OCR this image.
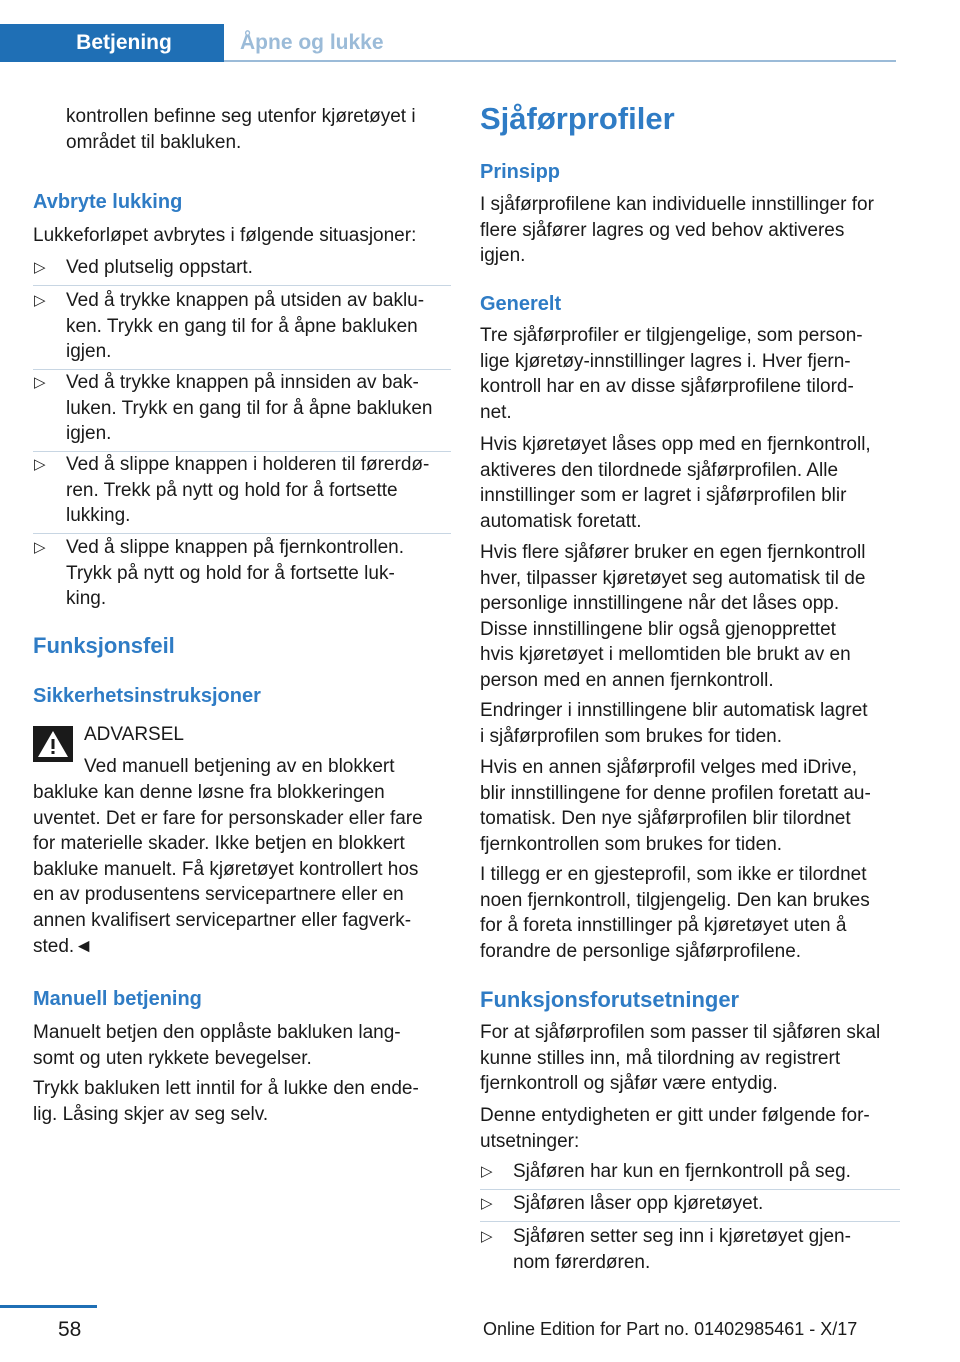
Betjening	Åpne og lukke

kontrollen befinne seg utenfor kjøretøyet i

området til bakluken.

Avbryte lukking

Lukkeforløpet avbrytes i følgende situasjoner:

▷ Ved plutselig oppstart.
▷ Ved å trykke knappen på utsiden av baklu-
ken. Trykk en gang til for å åpne bakluken
igjen.
▷ Ved å trykke knappen på innsiden av bak-
luken. Trykk en gang til for å åpne bakluken
igjen.
▷ Ved å slippe knappen i holderen til førerdø-
ren. Trekk på nytt og hold for å fortsette
lukking.
▷ Ved å slippe knappen på fjernkontrollen.
Trykk på nytt og hold for å fortsette luk-
king.
Funksjonsfeil
Sikkerhetsinstruksjoner

ADVARSEL

Ved manuell betjening av en blokkert

bakluke kan denne løsne fra blokkeringen
uventet. Det er fare for personskader eller fare
for materielle skader. Ikke betjen en blokkert
bakluke manuelt. Få kjøretøyet kontrollert hos
en av produsentens servicepartnere eller en
annen kvalifisert servicepartner eller fagverk-
sted.◄
Manuell betjening
Manuelt betjen den opplåste bakluken lang-
somt og uten rykkete bevegelser.
Trykk bakluken lett inntil for å lukke den ende-
lig. Låsing skjer av seg selv.
Sjåførprofiler
Prinsipp
I sjåførprofilene kan individuelle innstillinger for
flere sjåfører lagres og ved behov aktiveres
igjen.
Generelt
Tre sjåførprofiler er tilgjengelige, som person-
lige kjøretøy-innstillinger lagres i. Hver fjern-
kontroll har en av disse sjåførprofilene tilord-
net.
Hvis kjøretøyet låses opp med en fjernkontroll,
aktiveres den tilordnede sjåførprofilen. Alle
innstillinger som er lagret i sjåførprofilen blir
automatisk foretatt.
Hvis flere sjåfører bruker en egen fjernkontroll
hver, tilpasser kjøretøyet seg automatisk til de
personlige innstillingene når det låses opp.
Disse innstillingene blir også gjenopprettet
hvis kjøretøyet i mellomtiden ble brukt av en
person med en annen fjernkontroll.
Endringer i innstillingene blir automatisk lagret
i sjåførprofilen som brukes for tiden.
Hvis en annen sjåførprofil velges med iDrive,
blir innstillingene for denne profilen foretatt au-
tomatisk. Den nye sjåførprofilen blir tilordnet
fjernkontrollen som brukes for tiden.
I tillegg er en gjesteprofil, som ikke er tilordnet
noen fjernkontroll, tilgjengelig. Den kan brukes
for å foreta innstillinger på kjøretøyet uten å
forandre de personlige sjåførprofilene.
Funksjonsforutsetninger
For at sjåførprofilen som passer til sjåføren skal
kunne stilles inn, må tilordning av registrert
fjernkontroll og sjåfør være entydig.
Denne entydigheten er gitt under følgende for-
utsetninger:
▷ Sjåføren har kun en fjernkontroll på seg.
▷ Sjåføren låser opp kjøretøyet.
▷ Sjåføren setter seg inn i kjøretøyet gjen-
nom førerdøren.
58	Online Edition for Part no. 01402985461 - X/17
